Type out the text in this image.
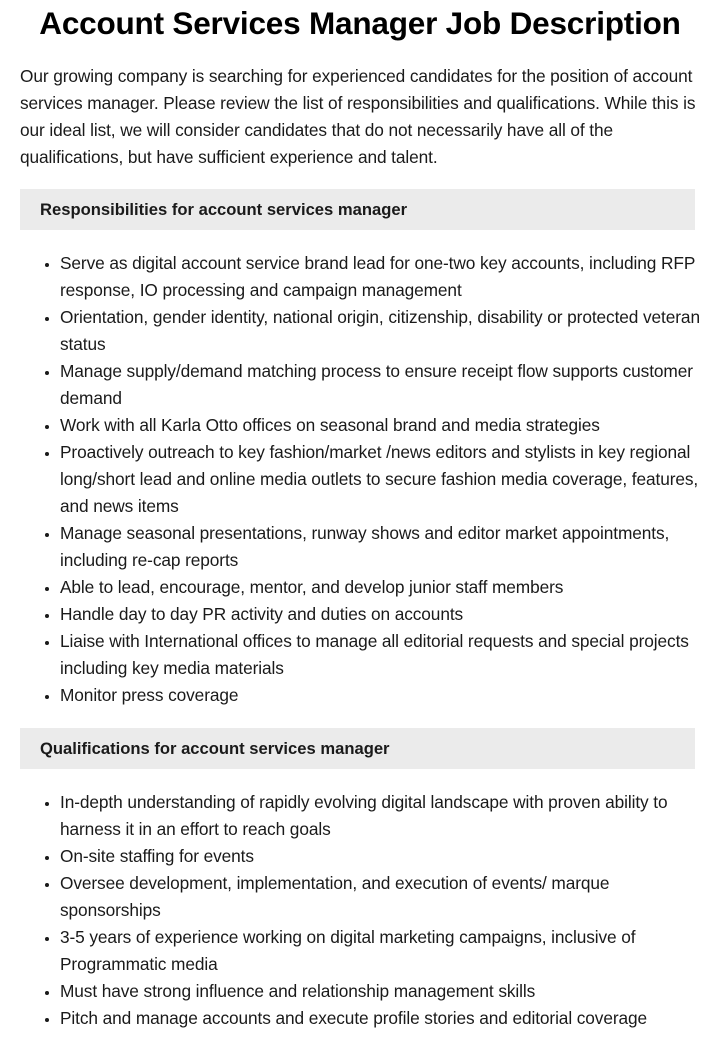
Account Services Manager Job Description

Our growing company is searching for experienced candidates for the position of account services manager. Please review the list of responsibilities and qualifications. While this is our ideal list, we will consider candidates that do not necessarily have all of the qualifications, but have sufficient experience and talent.

Responsibilities for account services manager
• Serve as digital account service brand lead for one-two key accounts, including RFP response, IO processing and campaign management
• Orientation, gender identity, national origin, citizenship, disability or protected veteran status
• Manage supply/demand matching process to ensure receipt flow supports customer demand
• Work with all Karla Otto offices on seasonal brand and media strategies
• Proactively outreach to key fashion/market /news editors and stylists in key regional long/short lead and online media outlets to secure fashion media coverage, features, and news items
• Manage seasonal presentations, runway shows and editor market appointments, including re-cap reports
• Able to lead, encourage, mentor, and develop junior staff members
• Handle day to day PR activity and duties on accounts
• Liaise with International offices to manage all editorial requests and special projects including key media materials
• Monitor press coverage
Qualifications for account services manager
• In-depth understanding of rapidly evolving digital landscape with proven ability to harness it in an effort to reach goals
• On-site staffing for events
• Oversee development, implementation, and execution of events/ marque sponsorships
• 3-5 years of experience working on digital marketing campaigns, inclusive of Programmatic media
• Must have strong influence and relationship management skills
• Pitch and manage accounts and execute profile stories and editorial coverage
